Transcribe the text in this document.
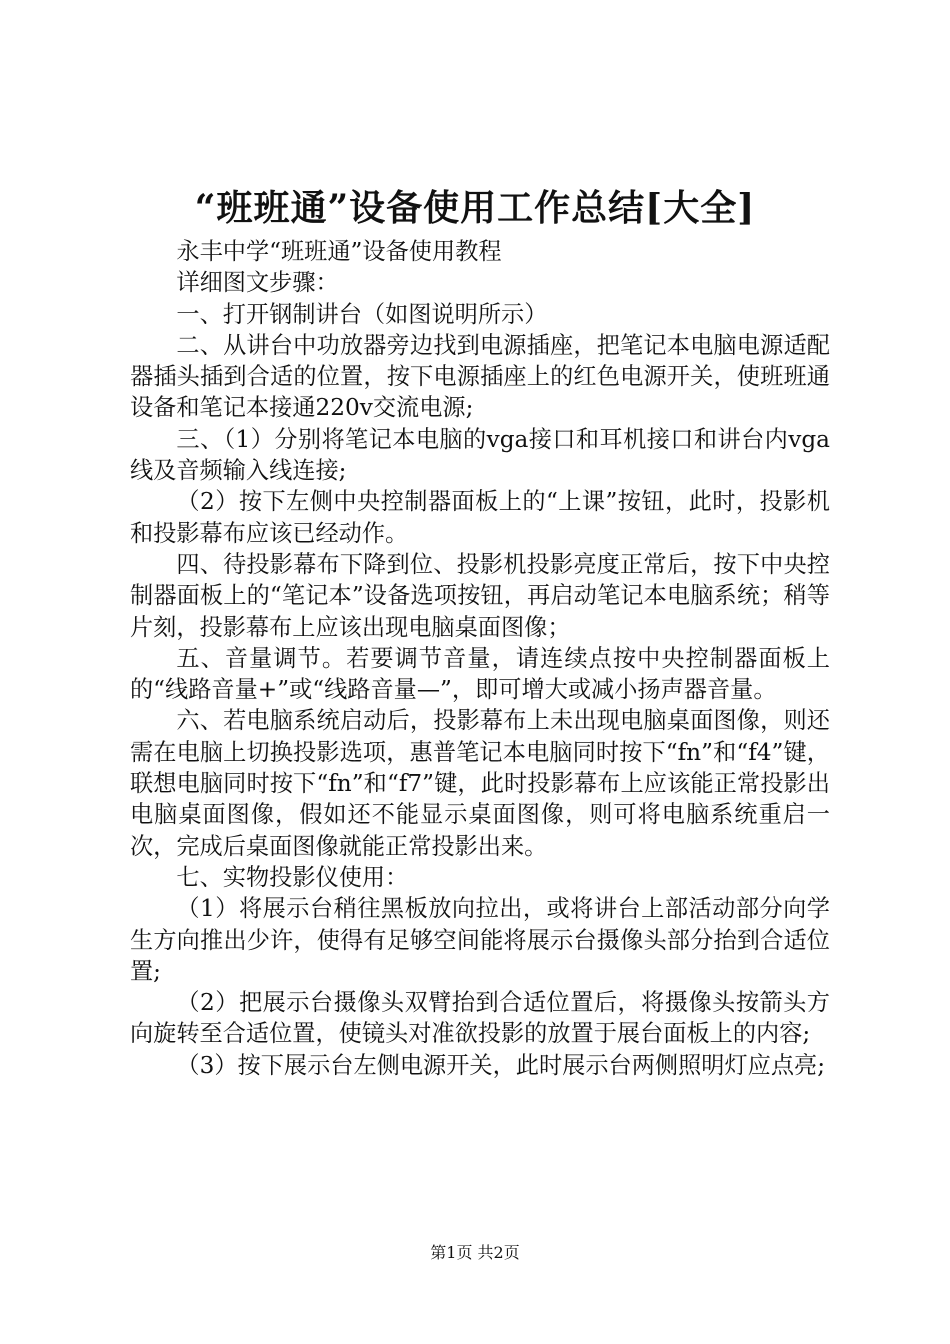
“班班通”设备使用工作总结[大全]

永丰中学“班班通”设备使用教程

详细图文步骤：

一、打开钢制讲台（如图说明所示）

二、从讲台中功放器旁边找到电源插座，把笔记本电脑电源适配器插头插到合适的位置，按下电源插座上的红色电源开关，使班班通设备和笔记本接通220v交流电源;

三、（1）分别将笔记本电脑的vga接口和耳机接口和讲台内vga线及音频输入线连接;

（2）按下左侧中央控制器面板上的“上课”按钮，此时，投影机和投影幕布应该已经动作。

四、待投影幕布下降到位、投影机投影亮度正常后，按下中央控制器面板上的“笔记本”设备选项按钮，再启动笔记本电脑系统；稍等片刻，投影幕布上应该出现电脑桌面图像；

五、音量调节。若要调节音量，请连续点按中央控制器面板上的“线路音量+”或“线路音量—”，即可增大或减小扬声器音量。

六、若电脑系统启动后，投影幕布上未出现电脑桌面图像，则还需在电脑上切换投影选项，惠普笔记本电脑同时按下“fn”和“f4”键，联想电脑同时按下“fn”和“f7”键，此时投影幕布上应该能正常投影出电脑桌面图像，假如还不能显示桌面图像，则可将电脑系统重启一次，完成后桌面图像就能正常投影出来。

七、实物投影仪使用：

（1）将展示台稍往黑板放向拉出，或将讲台上部活动部分向学生方向推出少许，使得有足够空间能将展示台摄像头部分抬到合适位置;

（2）把展示台摄像头双臂抬到合适位置后，将摄像头按箭头方向旋转至合适位置，使镜头对准欲投影的放置于展台面板上的内容;

（3）按下展示台左侧电源开关，此时展示台两侧照明灯应点亮;

第1页 共2页
